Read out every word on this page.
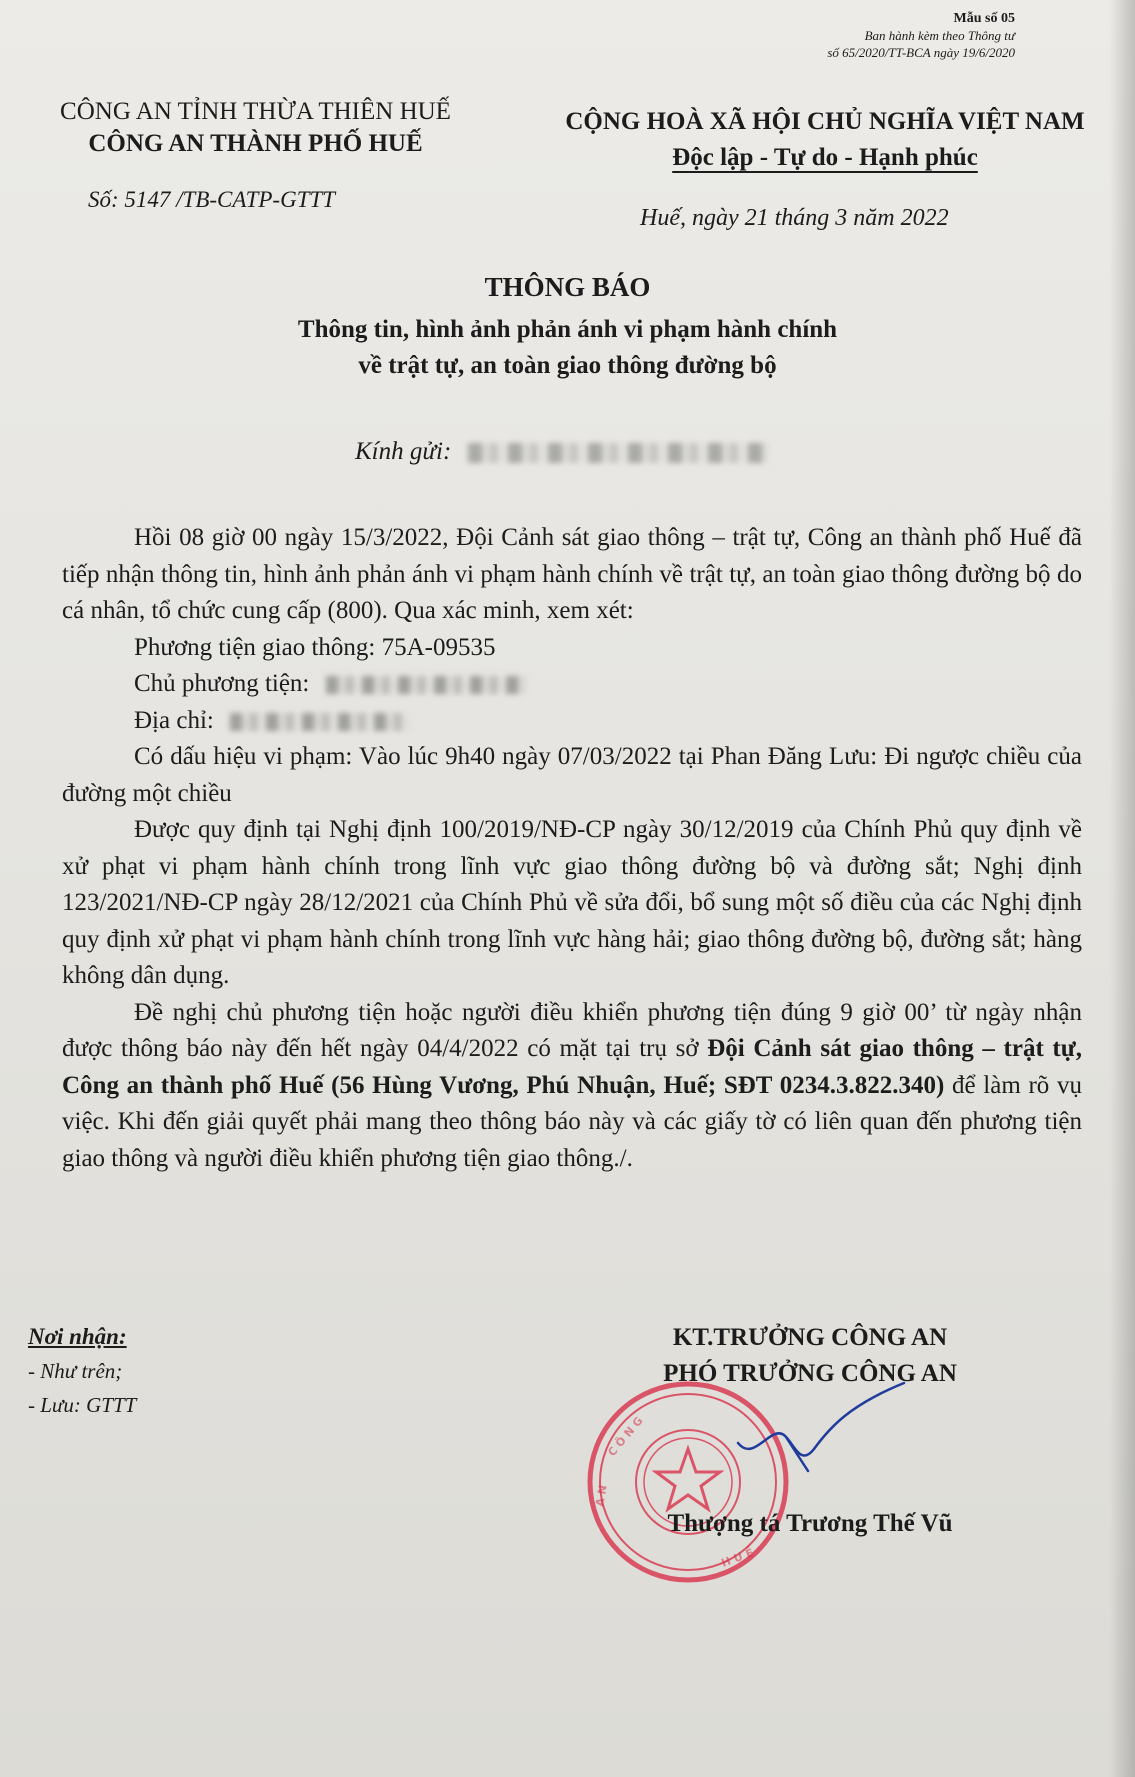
Mẫu số 05
Ban hành kèm theo Thông tư
số 65/2020/TT-BCA ngày 19/6/2020
CÔNG AN TỈNH THỪA THIÊN HUẾ
CÔNG AN THÀNH PHỐ HUẾ
CỘNG HOÀ XÃ HỘI CHỦ NGHĨA VIỆT NAM
Độc lập - Tự do - Hạnh phúc
Số: 5147 /TB-CATP-GTTT
Huế, ngày 21 tháng 3 năm 2022
THÔNG BÁO
Thông tin, hình ảnh phản ánh vi phạm hành chính
về trật tự, an toàn giao thông đường bộ
Kính gửi:

Hồi 08 giờ 00 ngày 15/3/2022, Đội Cảnh sát giao thông – trật tự, Công an thành phố Huế đã tiếp nhận thông tin, hình ảnh phản ánh vi phạm hành chính về trật tự, an toàn giao thông đường bộ do cá nhân, tổ chức cung cấp (800). Qua xác minh, xem xét:

Phương tiện giao thông: 75A-09535

Chủ phương tiện:

Địa chỉ:

Có dấu hiệu vi phạm: Vào lúc 9h40 ngày 07/03/2022 tại Phan Đăng Lưu: Đi ngược chiều của đường một chiều

Được quy định tại Nghị định 100/2019/NĐ-CP ngày 30/12/2019 của Chính Phủ quy định về xử phạt vi phạm hành chính trong lĩnh vực giao thông đường bộ và đường sắt; Nghị định 123/2021/NĐ-CP ngày 28/12/2021 của Chính Phủ về sửa đổi, bổ sung một số điều của các Nghị định quy định xử phạt vi phạm hành chính trong lĩnh vực hàng hải; giao thông đường bộ, đường sắt; hàng không dân dụng.

Đề nghị chủ phương tiện hoặc người điều khiển phương tiện đúng 9 giờ 00’ từ ngày nhận được thông báo này đến hết ngày 04/4/2022 có mặt tại trụ sở Đội Cảnh sát giao thông – trật tự, Công an thành phố Huế (56 Hùng Vương, Phú Nhuận, Huế; SĐT 0234.3.822.340) để làm rõ vụ việc. Khi đến giải quyết phải mang theo thông báo này và các giấy tờ có liên quan đến phương tiện giao thông và người điều khiển phương tiện giao thông./.

Nơi nhận:
- Như trên;
- Lưu: GTTT
KT.TRƯỞNG CÔNG AN
PHÓ TRƯỞNG CÔNG AN
C Ô N G
A N
H U Ế
Thượng tá Trương Thế Vũ
